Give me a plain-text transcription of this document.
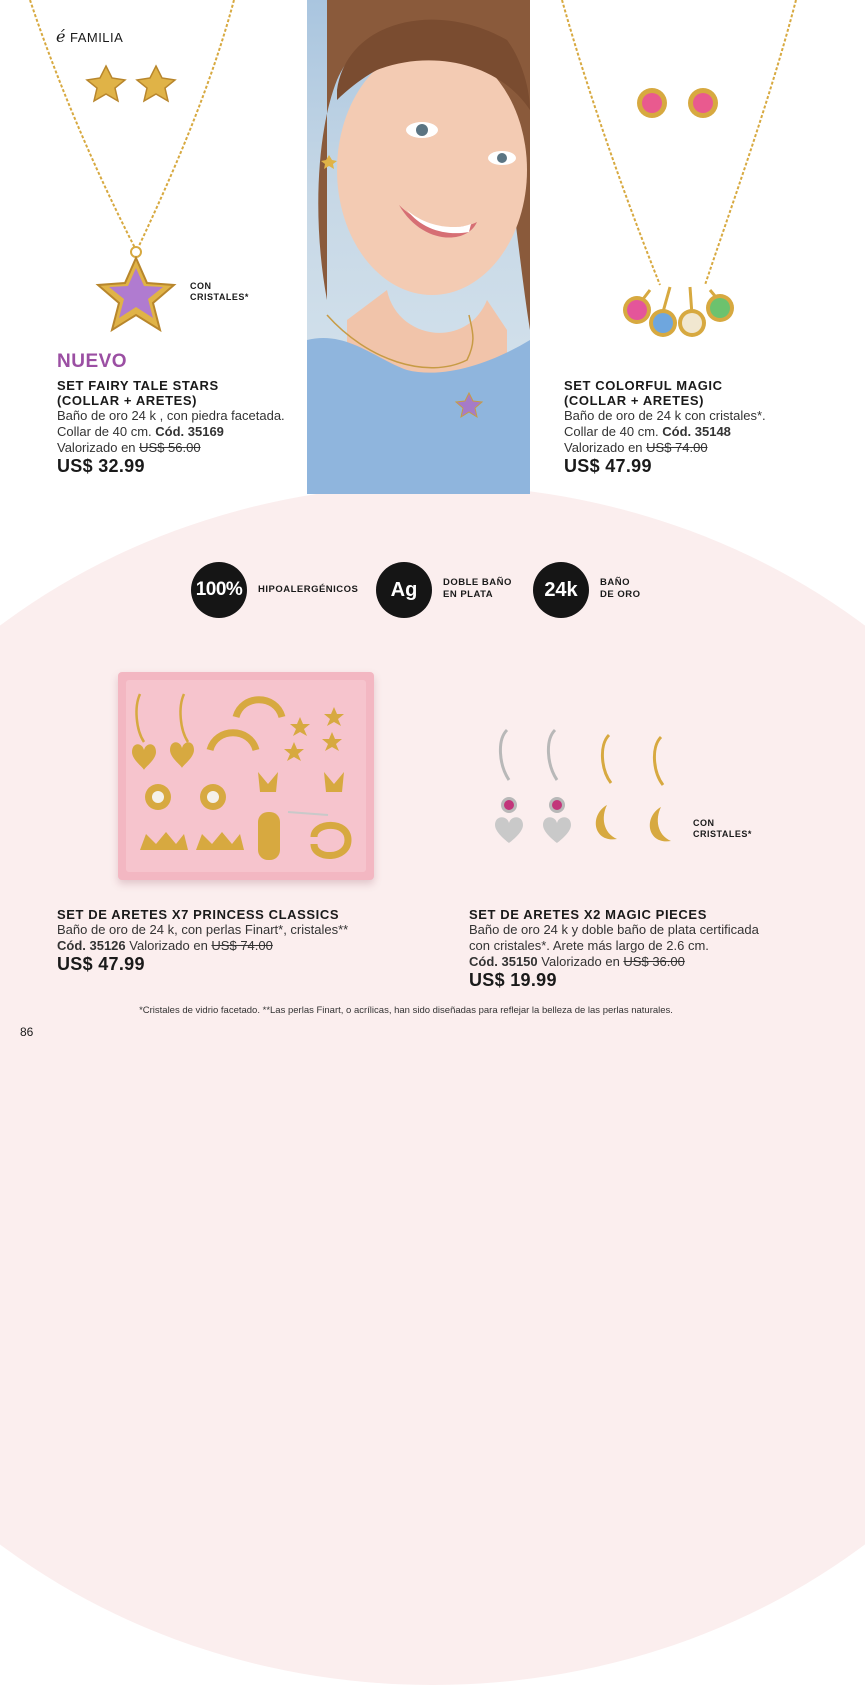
é FAMILIA
CON
CRISTALES*
NUEVO
SET FAIRY TALE STARS
(COLLAR + ARETES)
Baño de oro 24 k , con piedra facetada.
Collar de 40 cm. Cód. 35169
Valorizado en US$ 56.00
US$ 32.99
SET COLORFUL MAGIC
(COLLAR + ARETES)
Baño de oro de 24 k con cristales*.
Collar de 40 cm. Cód. 35148
Valorizado en US$ 74.00
US$ 47.99
100%	HIPOALERGÉNICOS	Ag	DOBLE BAÑO
EN PLATA	24k	BAÑO
DE ORO
CON
CRISTALES*
SET DE ARETES X7 PRINCESS CLASSICS
Baño de oro de 24 k, con perlas Finart*, cristales**
Cód. 35126 Valorizado en US$ 74.00
US$ 47.99
SET DE ARETES X2 MAGIC PIECES
Baño de oro 24 k y doble baño de plata certificada
con cristales*. Arete más largo de 2.6 cm.
Cód. 35150 Valorizado en US$ 36.00
US$ 19.99
*Cristales de vidrio facetado. **Las perlas Finart, o acrílicas, han sido diseñadas para reflejar la belleza de las perlas naturales.
86
